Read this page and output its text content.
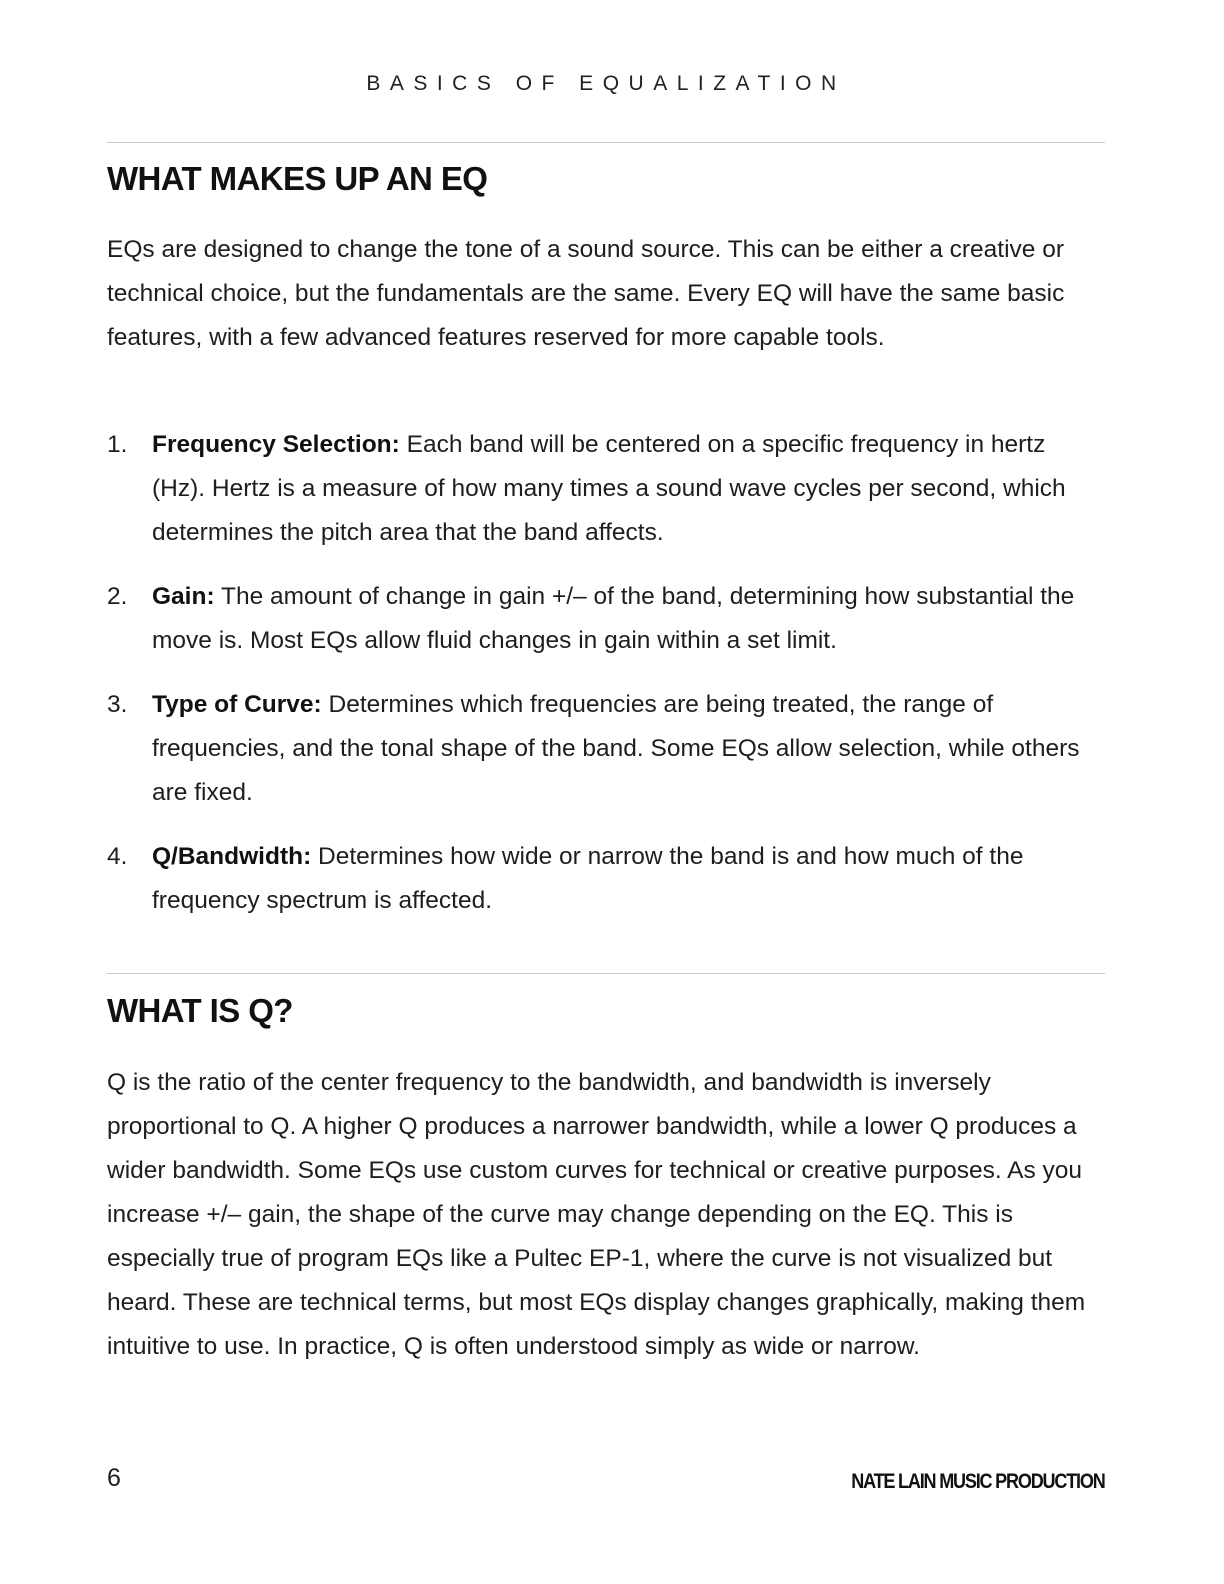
BASICS OF EQUALIZATION
WHAT MAKES UP AN EQ

EQs are designed to change the tone of a sound source. This can be either a creative or technical choice, but the fundamentals are the same. Every EQ will have the same basic features, with a few advanced features reserved for more capable tools.

1. Frequency Selection: Each band will be centered on a specific frequency in hertz (Hz). Hertz is a measure of how many times a sound wave cycles per second, which determines the pitch area that the band affects.
2. Gain: The amount of change in gain +/– of the band, determining how substantial the move is. Most EQs allow fluid changes in gain within a set limit.
3. Type of Curve: Determines which frequencies are being treated, the range of frequencies, and the tonal shape of the band. Some EQs allow selection, while others are fixed.
4. Q/Bandwidth: Determines how wide or narrow the band is and how much of the frequency spectrum is affected.
WHAT IS Q?

Q is the ratio of the center frequency to the bandwidth, and bandwidth is inversely proportional to Q. A higher Q produces a narrower bandwidth, while a lower Q produces a wider bandwidth. Some EQs use custom curves for technical or creative purposes. As you increase +/– gain, the shape of the curve may change depending on the EQ. This is especially true of program EQs like a Pultec EP-1, where the curve is not visualized but heard. These are technical terms, but most EQs display changes graphically, making them intuitive to use. In practice, Q is often understood simply as wide or narrow.

6	NATE LAIN MUSIC PRODUCTION
